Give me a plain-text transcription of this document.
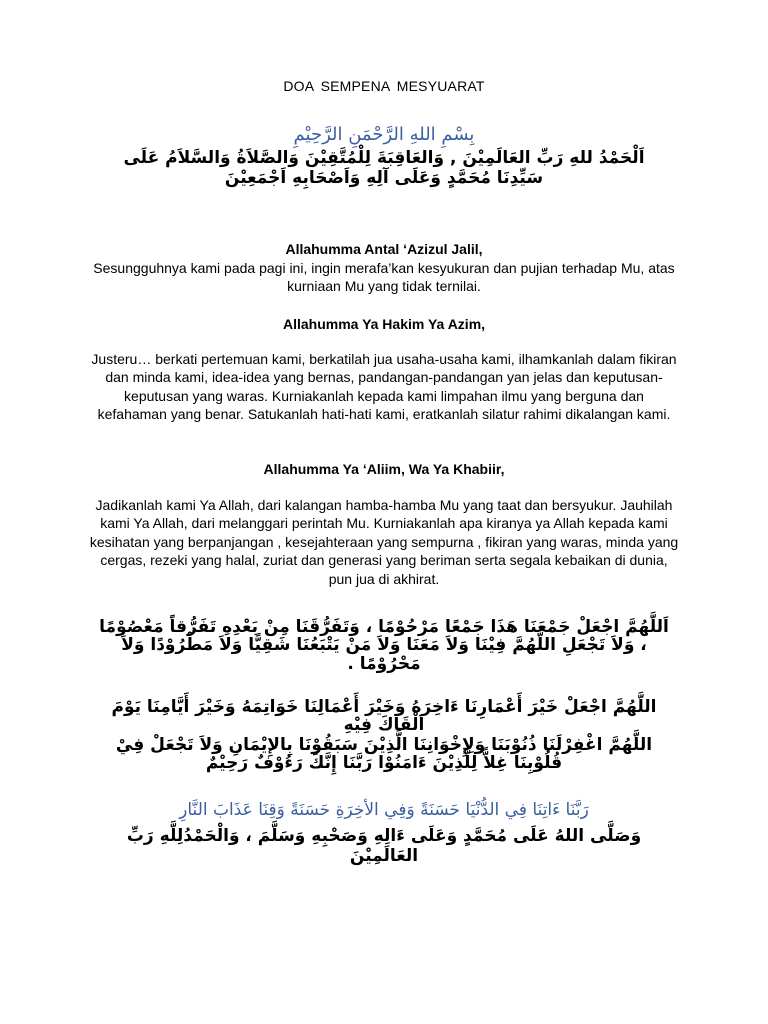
DOA SEMPENA MESYUARAT
بِسْمِ اللهِ الرَّحْمَنِ الرَّحِيْمِ
اَلْحَمْدُ للهِ رَبِّ العَالَمِيْنَ , وَالعَاقِبَةَ لِلْمُتَّقِيْنَ وَالصَّلاَةُ وَالسَّلاَمُ عَلَى سَيِّدِنَا مُحَمَّدٍ وَعَلَى آلِهِ وَاَصْحَابِهِ اَجْمَعِيْنَ
Allahumma Antal ‘Azizul Jalil,
Sesungguhnya kami pada pagi ini, ingin merafa’kan kesyukuran dan pujian terhadap Mu, atas kurniaan Mu yang tidak ternilai.
Allahumma Ya Hakim Ya Azim,
Justeru… berkati pertemuan kami, berkatilah jua usaha-usaha kami, ilhamkanlah dalam fikiran dan minda kami, idea-idea yang bernas, pandangan-pandangan yan jelas dan keputusan-keputusan yang waras. Kurniakanlah kepada kami limpahan ilmu yang berguna dan kefahaman yang benar. Satukanlah hati-hati kami, eratkanlah silatur rahimi dikalangan kami.
Allahumma Ya ‘Aliim, Wa Ya Khabiir,
Jadikanlah kami Ya Allah, dari kalangan hamba-hamba Mu yang taat dan bersyukur. Jauhilah kami Ya Allah, dari melanggari perintah Mu. Kurniakanlah apa kiranya ya Allah kepada kami kesihatan yang berpanjangan , kesejahteraan yang sempurna , fikiran yang waras, minda yang cergas, rezeki yang halal, zuriat dan generasi yang beriman serta segala kebaikan di dunia, pun jua di akhirat.
اَللَّهُمَّ اجْعَلْ جَمْعَنَا هَذَا جَمْعًا مَرْحُوْمًا ، وَتَفَرُّقَنَا مِنْ بَعْدِهِ تَفَرُّقاً مَعْصُوْمًا ، وَلاَ تَجْعَلِ اللَّهُمَّ فِيْنَا وَلاَ مَعَنَا وَلاَ مَنْ يَتْبَعُنَا شَقِيًّا وَلاَ مَطْرُوْدًا وَلاَ مَحْرُوْمًا .
اللَّهُمَّ اجْعَلْ خَيْرَ أَعْمَارِنَا ءَاخِرَهُ وَخَيْرَ أَعْمَالِنَا خَوَاتِمَهُ وَخَيْرَ أَيَّامِنَا يَوْمَ اَلْقَاكَ فِيْهِ
اللَّهُمَّ اغْفِرْلَنَا ذُنُوْبَنَا وَلِإِخْوَانِنَا الَّذِيْنَ سَبَقُوْنَا بِالإِيْمَانِ وَلاَ تَجْعَلْ فِيْ قُلُوْبِنَا غِلاًّ لِلَّذِيْنَ ءَامَنُوْا رَبَّنَا إِنَّكَ رَءُوْفٌ رَحِيْمٌ
رَبَّنَا ءَاتِنَا فِي الدُّنْيَا حَسَنَةً وَفِي الأخِرَةِ حَسَنَةً وَقِنَا عَذَابَ النَّارِ
وَصَلَّى اللهُ عَلَى مُحَمَّدٍ وَعَلَى ءَالِهِ وَصَحْبِهِ وَسَلَّمَ ، وَالْحَمْدُلِلَّهِ رَبِّ العَالَمِيْنَ
